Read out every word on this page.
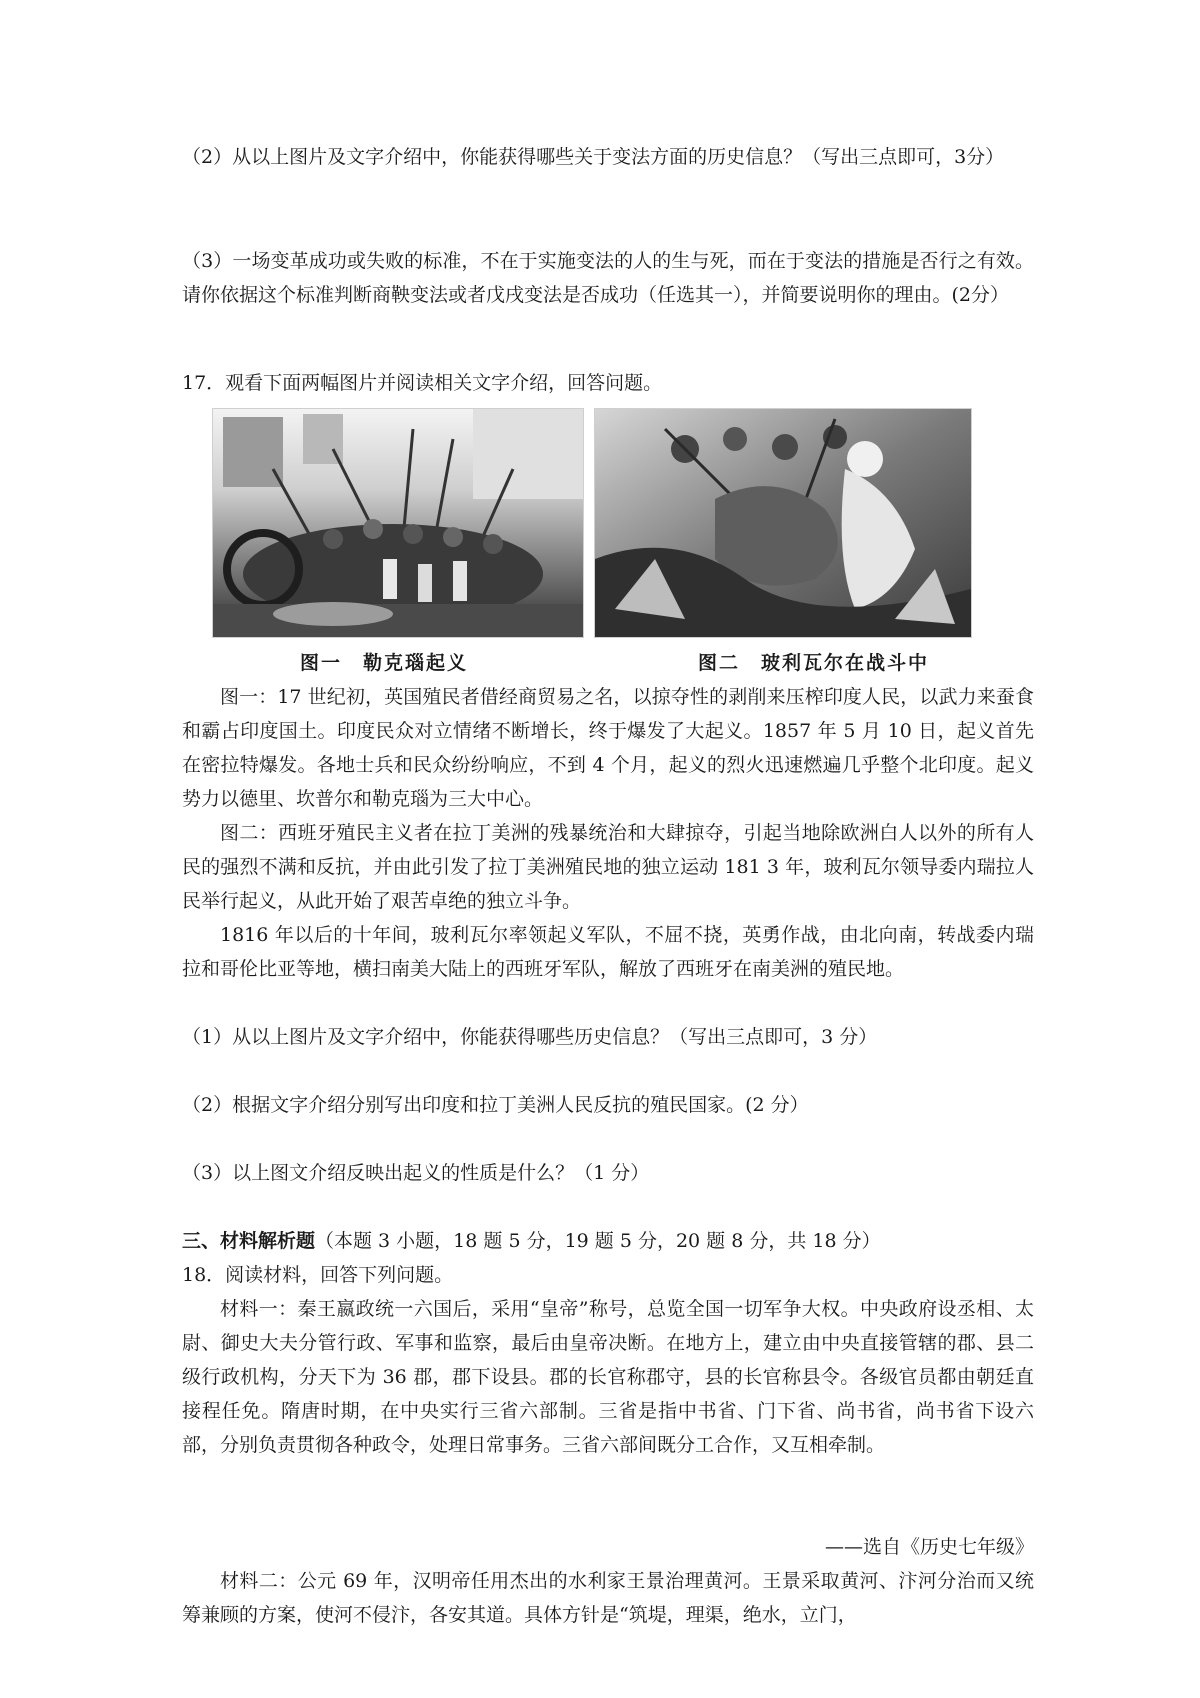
（2）从以上图片及文字介绍中，你能获得哪些关于变法方面的历史信息？（写出三点即可，3分）

（3）一场变革成功或失败的标准，不在于实施变法的人的生与死，而在于变法的措施是否行之有效。请你依据这个标准判断商鞅变法或者戊戌变法是否成功（任选其一），并简要说明你的理由。(2分）

17．观看下面两幅图片并阅读相关文字介绍，回答问题。

图一　勒克瑙起义	图二　玻利瓦尔在战斗中

图一：17 世纪初，英国殖民者借经商贸易之名，以掠夺性的剥削来压榨印度人民，以武力来蚕食和霸占印度国土。印度民众对立情绪不断增长，终于爆发了大起义。1857 年 5 月 10 日，起义首先在密拉特爆发。各地士兵和民众纷纷响应，不到 4 个月，起义的烈火迅速燃遍几乎整个北印度。起义势力以德里、坎普尔和勒克瑙为三大中心。

图二：西班牙殖民主义者在拉丁美洲的残暴统治和大肆掠夺，引起当地除欧洲白人以外的所有人民的强烈不满和反抗，并由此引发了拉丁美洲殖民地的独立运动 181 3 年，玻利瓦尔领导委内瑞拉人民举行起义，从此开始了艰苦卓绝的独立斗争。

1816 年以后的十年间，玻利瓦尔率领起义军队，不屈不挠，英勇作战，由北向南，转战委内瑞拉和哥伦比亚等地，横扫南美大陆上的西班牙军队，解放了西班牙在南美洲的殖民地。

（1）从以上图片及文字介绍中，你能获得哪些历史信息？（写出三点即可，3 分）

（2）根据文字介绍分别写出印度和拉丁美洲人民反抗的殖民国家。(2 分）

（3）以上图文介绍反映出起义的性质是什么？（1 分）

三、材料解析题（本题 3 小题，18 题 5 分，19 题 5 分，20 题 8 分，共 18 分）

18．阅读材料，回答下列问题。

材料一：秦王嬴政统一六国后，采用“皇帝”称号，总览全国一切军争大权。中央政府设丞相、太尉、御史大夫分管行政、军事和监察，最后由皇帝决断。在地方上，建立由中央直接管辖的郡、县二级行政机构，分天下为 36 郡，郡下设县。郡的长官称郡守，县的长官称县令。各级官员都由朝廷直接程任免。隋唐时期，在中央实行三省六部制。三省是指中书省、门下省、尚书省，尚书省下设六部，分别负责贯彻各种政令，处理日常事务。三省六部间既分工合作，又互相牵制。

——选自《历史七年级》

材料二：公元 69 年，汉明帝任用杰出的水利家王景治理黄河。王景采取黄河、汴河分治而又统筹兼顾的方案，使河不侵汴，各安其道。具体方针是“筑堤，理渠，绝水，立门，
